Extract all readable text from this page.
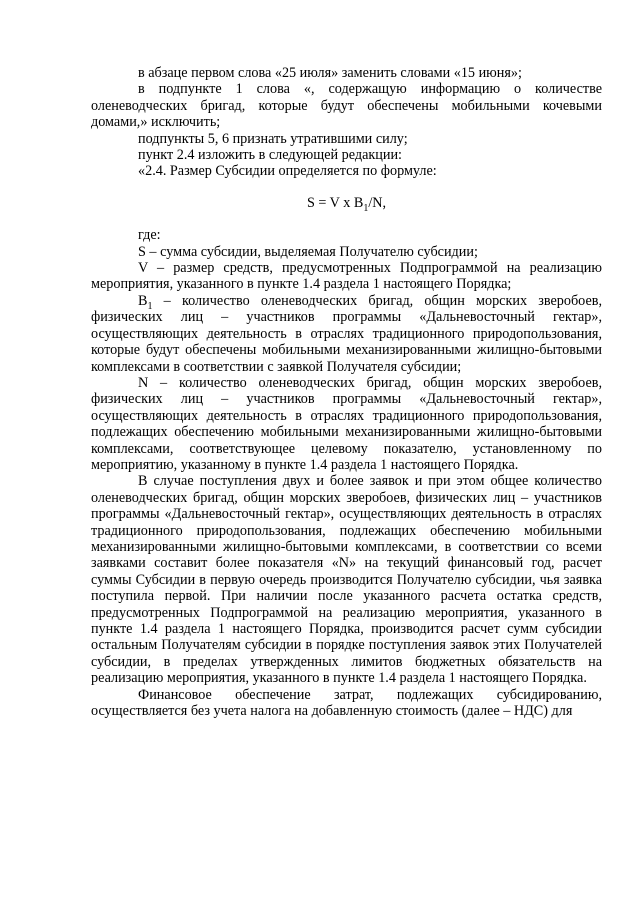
в абзаце первом слова «25 июля» заменить словами «15 июня»;

в подпункте 1 слова «, содержащую информацию о количестве оленеводческих бригад, которые будут обеспечены мобильными кочевыми домами,» исключить;

подпункты 5, 6 признать утратившими силу;

пункт 2.4 изложить в следующей редакции:

«2.4. Размер Субсидии определяется по формуле:

S = V x $B_1/N$,

где:

S – сумма субсидии, выделяемая Получателю субсидии;

V – размер средств, предусмотренных Подпрограммой на реализацию мероприятия, указанного в пункте 1.4 раздела 1 настоящего Порядка;

$B_1$ – количество оленеводческих бригад, общин морских зверобоев, физических лиц – участников программы «Дальневосточный гектар», осуществляющих деятельность в отраслях традиционного природопользования, которые будут обеспечены мобильными механизированными жилищно-бытовыми комплексами в соответствии с заявкой Получателя субсидии;

N – количество оленеводческих бригад, общин морских зверобоев, физических лиц – участников программы «Дальневосточный гектар», осуществляющих деятельность в отраслях традиционного природопользования, подлежащих обеспечению мобильными механизированными жилищно-бытовыми комплексами, соответствующее целевому показателю, установленному по мероприятию, указанному в пункте 1.4 раздела 1 настоящего Порядка.

В случае поступления двух и более заявок и при этом общее количество оленеводческих бригад, общин морских зверобоев, физических лиц – участников программы «Дальневосточный гектар», осуществляющих деятельность в отраслях традиционного природопользования, подлежащих обеспечению мобильными механизированными жилищно-бытовыми комплексами, в соответствии со всеми заявками составит более показателя «N» на текущий финансовый год, расчет суммы Субсидии в первую очередь производится Получателю субсидии, чья заявка поступила первой. При наличии после указанного расчета остатка средств, предусмотренных Подпрограммой на реализацию мероприятия, указанного в пункте 1.4 раздела 1 настоящего Порядка, производится расчет сумм субсидии остальным Получателям субсидии в порядке поступления заявок этих Получателей субсидии, в пределах утвержденных лимитов бюджетных обязательств на реализацию мероприятия, указанного в пункте 1.4 раздела 1 настоящего Порядка.

Финансовое обеспечение затрат, подлежащих субсидированию, осуществляется без учета налога на добавленную стоимость (далее – НДС) для
